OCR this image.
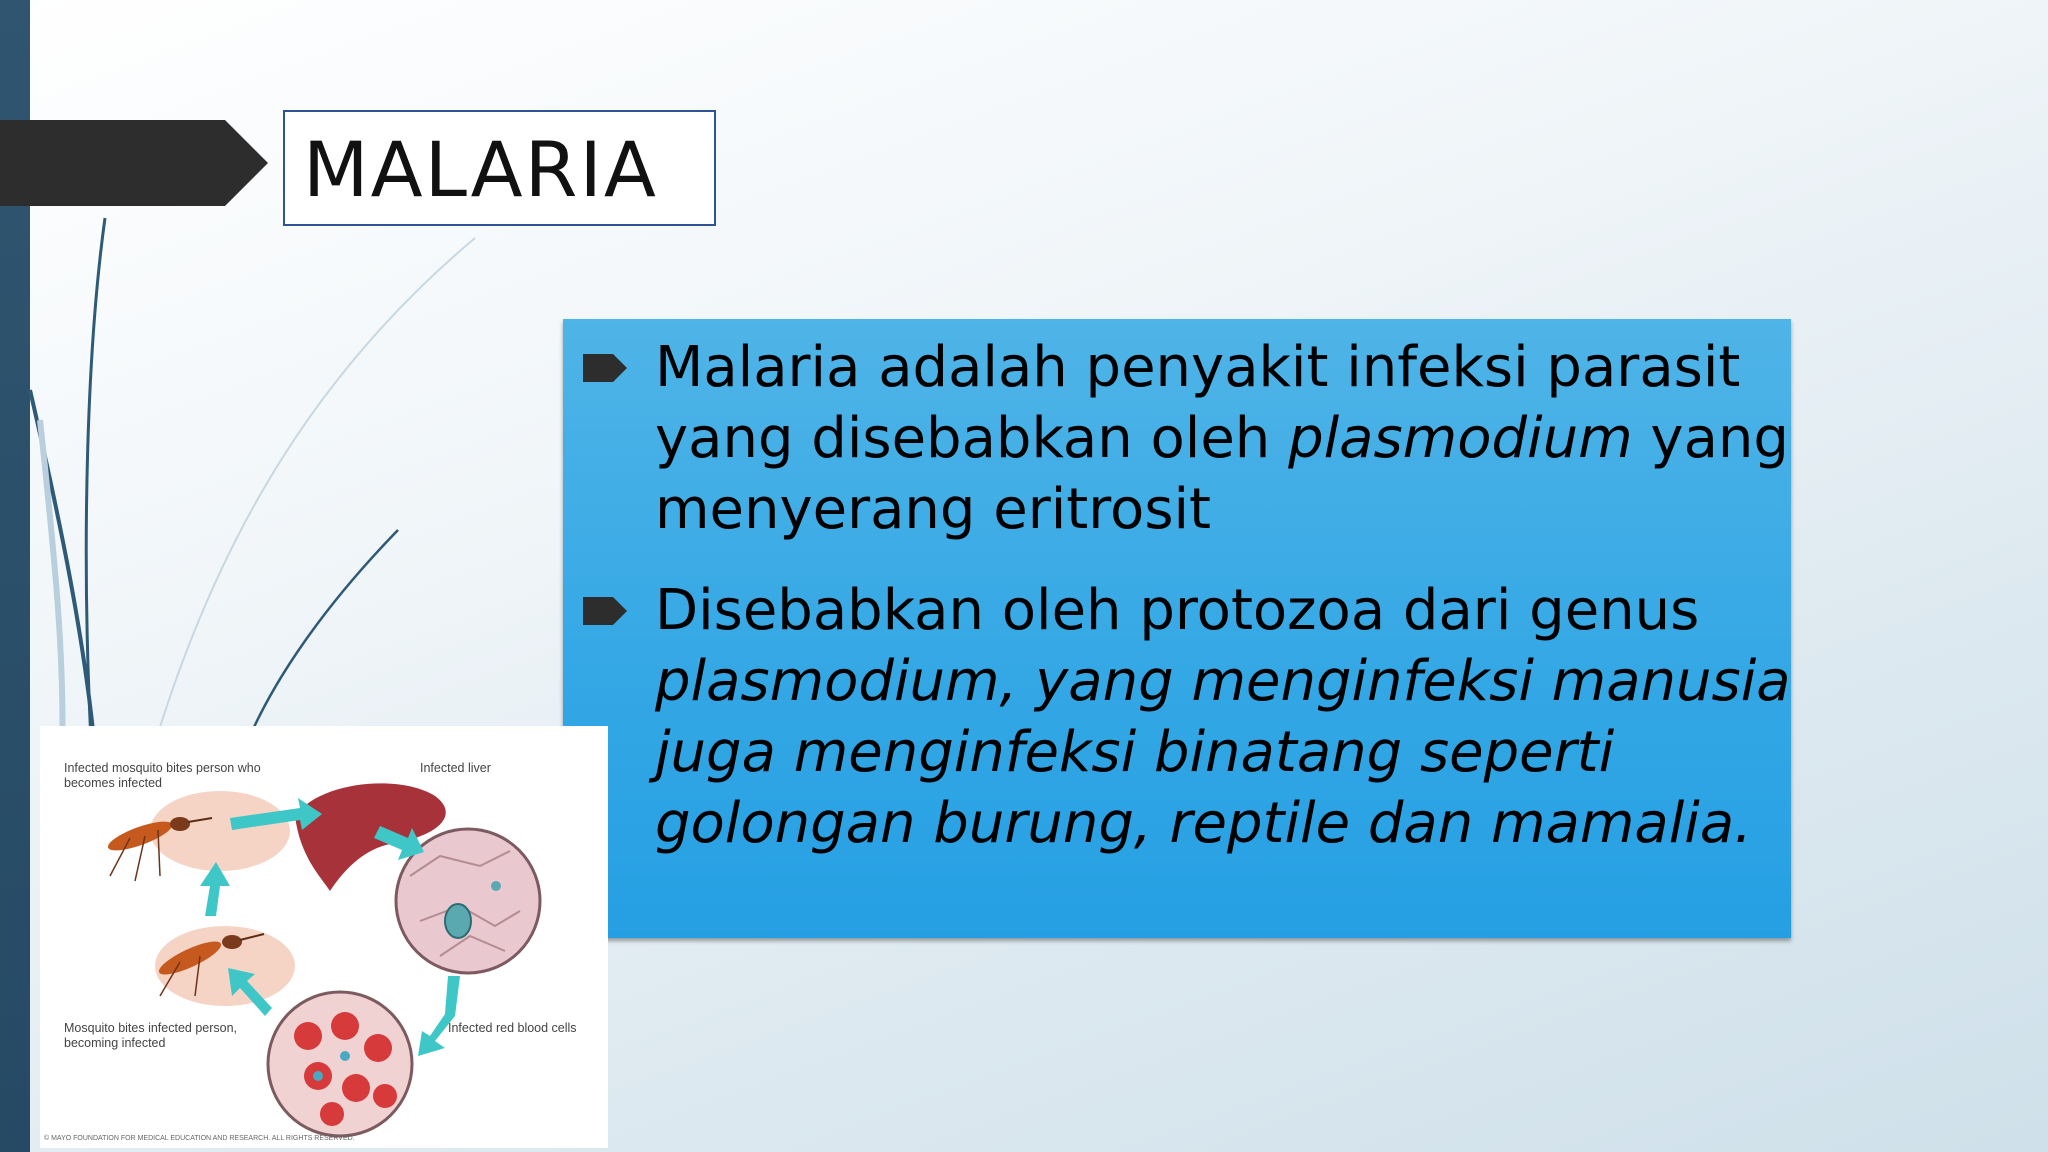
MALARIA
Malaria adalah penyakit infeksi parasit
yang disebabkan oleh plasmodium yang
menyerang eritrosit
Disebabkan oleh protozoa dari genus
plasmodium, yang menginfeksi manusia
juga menginfeksi binatang seperti
golongan burung, reptile dan mamalia.
Infected mosquito bites person who becomes infected
Infected liver
Mosquito bites infected person, becoming infected
Infected red blood cells
© MAYO FOUNDATION FOR MEDICAL EDUCATION AND RESEARCH. ALL RIGHTS RESERVED.
